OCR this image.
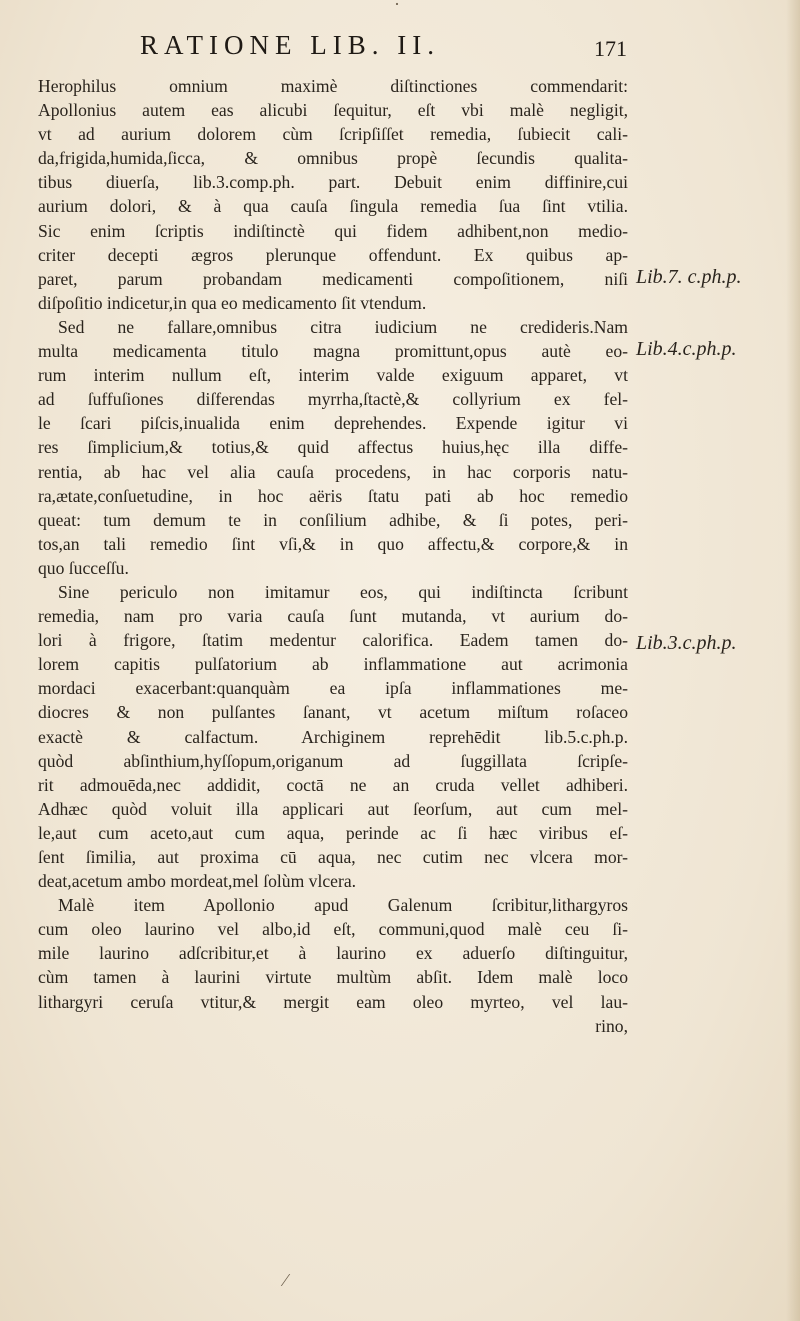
RATIONE LIB. II.	171
Herophilus omnium maximè diſtinctiones commendarit:
Apollonius autem eas alicubi ſequitur, eſt vbi malè negligit,
vt ad aurium dolorem cùm ſcripſiſſet remedia, ſubiecit cali-
da,frigida,humida,ſicca, & omnibus propè ſecundis qualita-
tibus diuerſa, lib.3.comp.ph. part. Debuit enim diffinire,cui
aurium dolori, & à qua cauſa ſingula remedia ſua ſint vtilia.
Sic enim ſcriptis indiſtinctè qui fidem adhibent,non medio-
criter decepti ægros plerunque offendunt. Ex quibus ap-
paret, parum probandam medicamenti compoſitionem, niſi
diſpoſitio indicetur,in qua eo medicamento ſit vtendum.
Sed ne fallare,omnibus citra iudicium ne credideris.Nam
multa medicamenta titulo magna promittunt,opus autè eo-
rum interim nullum eſt, interim valde exiguum apparet, vt
ad ſuffuſiones diſferendas myrrha,ſtactè,& collyrium ex fel-
le ſcari piſcis,inualida enim deprehendes. Expende igitur vi
res ſimplicium,& totius,& quid affectus huius,hęc illa diffe-
rentia, ab hac vel alia cauſa procedens, in hac corporis natu-
ra,ætate,conſuetudine, in hoc aëris ſtatu pati ab hoc remedio
queat: tum demum te in conſilium adhibe, & ſi potes, peri-
tos,an tali remedio ſint vſi,& in quo affectu,& corpore,& in
quo ſucceſſu.
Sine periculo non imitamur eos, qui indiſtincta ſcribunt
remedia, nam pro varia cauſa ſunt mutanda, vt aurium do-
lori à frigore, ſtatim medentur calorifica. Eadem tamen do-
lorem capitis pulſatorium ab inflammatione aut acrimonia
mordaci exacerbant:quanquàm ea ipſa inflammationes me-
diocres & non pulſantes ſanant, vt acetum miſtum roſaceo
exactè & calfactum. Archiginem reprehēdit lib.5.c.ph.p.
quòd abſinthium,hyſſopum,origanum ad ſuggillata ſcripſe-
rit admouēda,nec addidit, coctā ne an cruda vellet adhiberi.
Adhæc quòd voluit illa applicari aut ſeorſum, aut cum mel-
le,aut cum aceto,aut cum aqua, perinde ac ſi hæc viribus eſ-
ſent ſimilia, aut proxima cū aqua, nec cutim nec vlcera mor-
deat,acetum ambo mordeat,mel ſolùm vlcera.
Malè item Apollonio apud Galenum ſcribitur,lithargyros
cum oleo laurino vel albo,id eſt, communi,quod malè ceu ſi-
mile laurino adſcribitur,et à laurino ex aduerſo diſtinguitur,
cùm tamen à laurini virtute multùm abſit. Idem malè loco
lithargyri ceruſa vtitur,& mergit eam oleo myrteo, vel lau-
rino,
Lib.7. c.ph.p.
Lib.4.c.ph.p.
Lib.3.c.ph.p.
·
⁄
